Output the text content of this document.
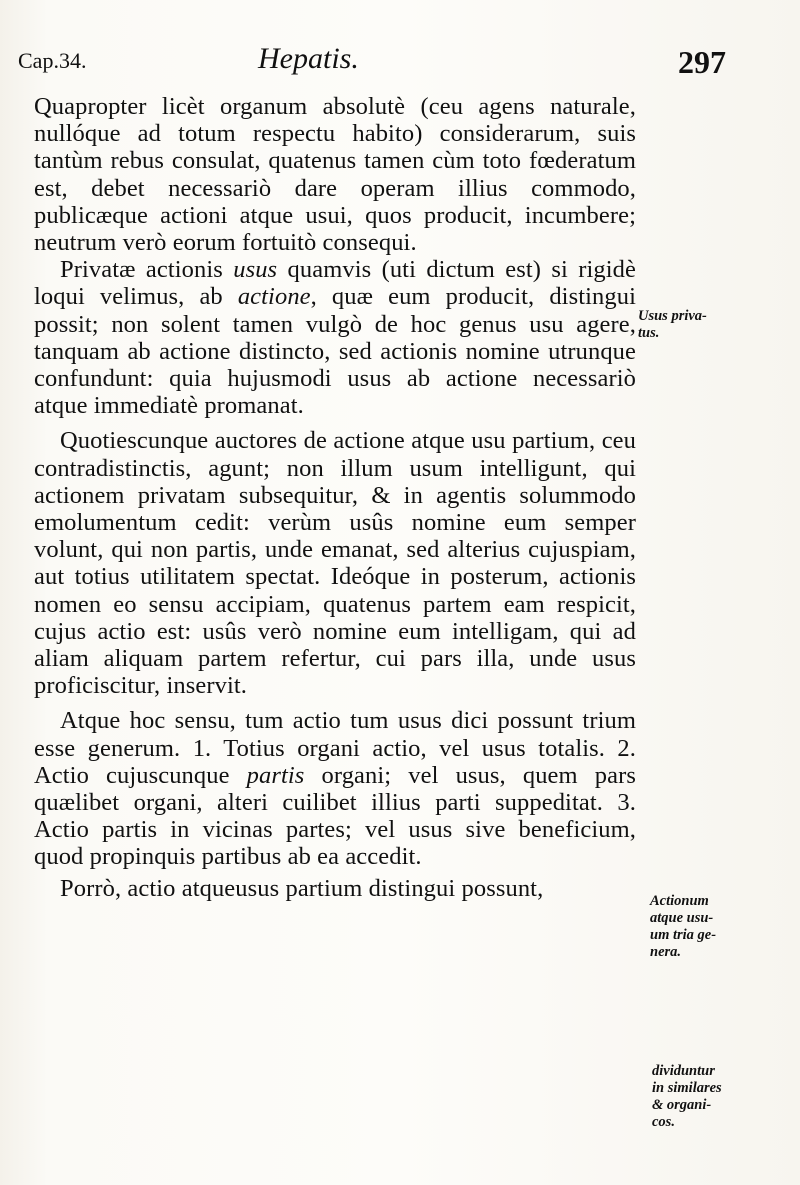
Cap.34.	Hepatis.	297

Quapropter licèt organum absolutè (ceu agens naturale, nullóque ad totum respectu habito) considerarum, suis tantùm rebus consulat, quatenus tamen cùm toto fœderatum est, debet necessariò dare operam illius commodo, publicæque actioni atque usui, quos producit, incumbere; neutrum verò eorum fortuitò consequi.

Privatæ actionis usus quamvis (uti dictum est) si rigidè loqui velimus, ab actione, quæ eum producit, distingui possit; non solent tamen vulgò de hoc genus usu agere, tanquam ab actione distincto, sed actionis nomine utrunque confundunt: quia hujusmodi usus ab actione necessariò atque immediatè promanat.

Quotiescunque auctores de actione atque usu partium, ceu contradistinctis, agunt; non illum usum intelligunt, qui actionem privatam subsequitur, & in agentis solummodo emolumentum cedit: verùm usûs nomine eum semper volunt, qui non partis, unde emanat, sed alterius cujuspiam, aut totius utilitatem spectat. Ideóque in posterum, actionis nomen eo sensu accipiam, quatenus partem eam respicit, cujus actio est: usûs verò nomine eum intelligam, qui ad aliam aliquam partem refertur, cui pars illa, unde usus proficiscitur, inservit.

Atque hoc sensu, tum actio tum usus dici possunt trium esse generum. 1. Totius organi actio, vel usus totalis. 2. Actio cujuscunque partis organi; vel usus, quem pars quælibet organi, alteri cuilibet illius parti suppeditat. 3. Actio partis in vicinas partes; vel usus sive beneficium, quod propinquis partibus ab ea accedit.

Porrò, actio atqueusus partium distingui possunt,

Usus priva-
tus.
Actionum
atque usu-
um tria ge-
nera.
dividuntur
in similares
& organi-
cos.
